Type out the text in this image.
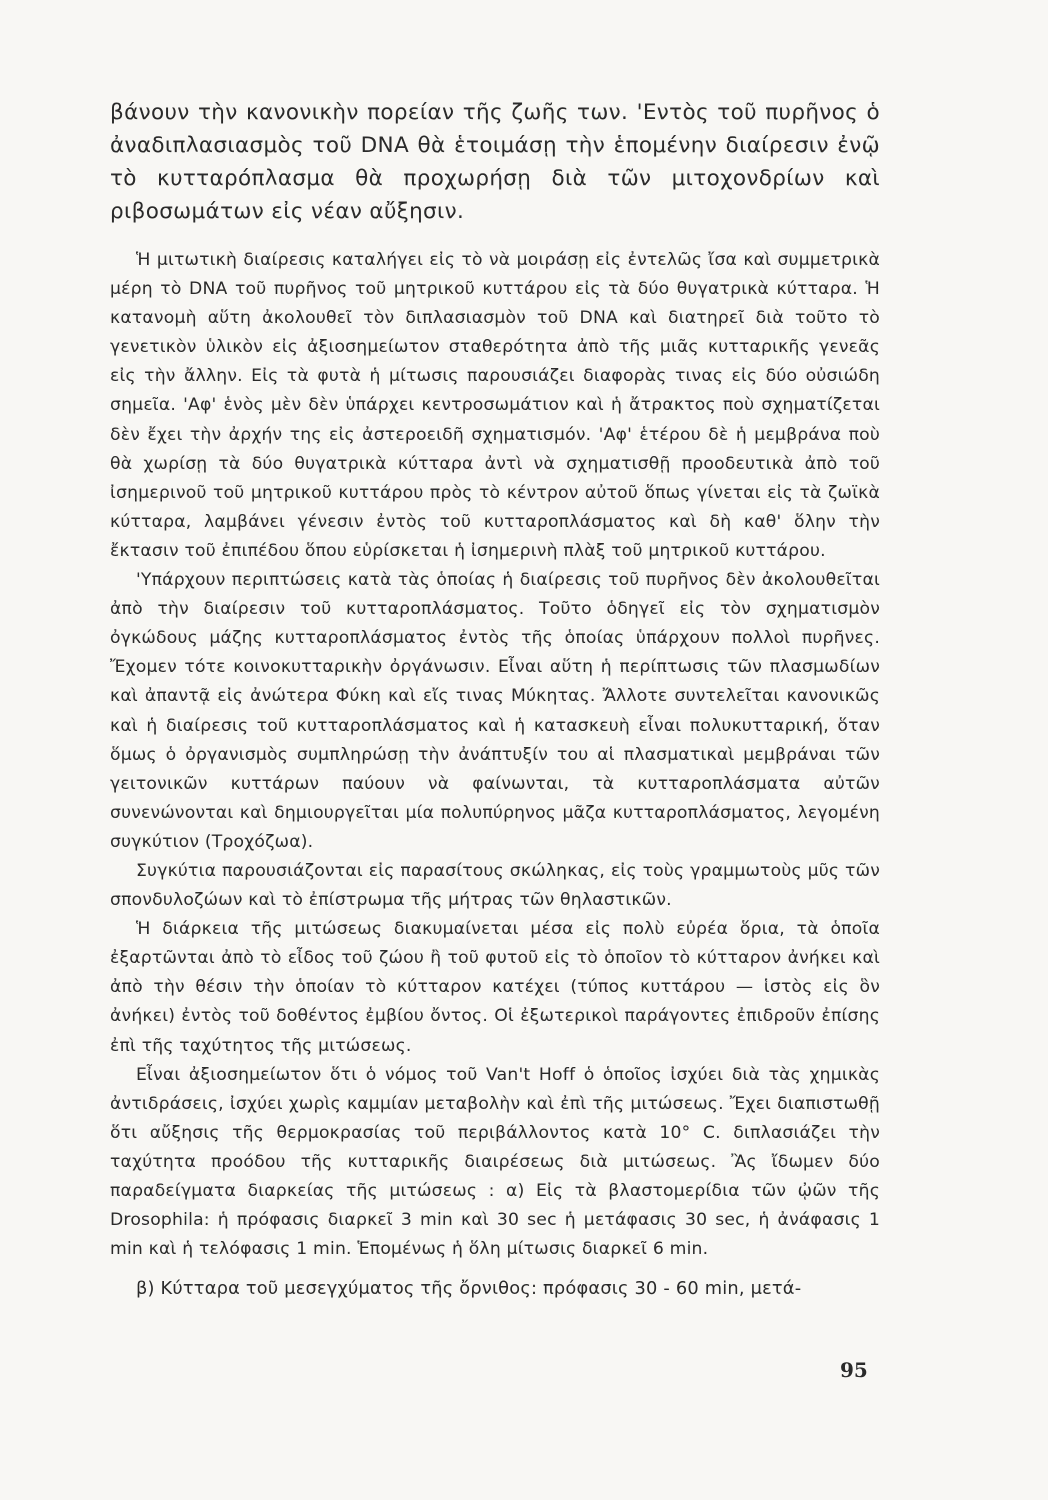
βάνουν τὴν κανονικὴν πορείαν τῆς ζωῆς των. 'Εντὸς τοῦ πυρῆνος ὁ ἀναδιπλασιασμὸς τοῦ DNA θὰ ἑτοιμάσῃ τὴν ἑπομένην διαίρεσιν ἐνῷ τὸ κυτταρόπλασμα θὰ προχωρήσῃ διὰ τῶν μιτοχονδρίων καὶ ριβοσωμάτων εἰς νέαν αὔξησιν.

Ἡ μιτωτικὴ διαίρεσις καταλήγει εἰς τὸ νὰ μοιράσῃ εἰς ἐντελῶς ἴσα καὶ συμμετρικὰ μέρη τὸ DNA τοῦ πυρῆνος τοῦ μητρικοῦ κυττάρου εἰς τὰ δύο θυγατρικὰ κύτταρα. Ἡ κατανομὴ αὕτη ἀκολουθεῖ τὸν διπλασιασμὸν τοῦ DNA καὶ διατηρεῖ διὰ τοῦτο τὸ γενετικὸν ὑλικὸν εἰς ἀξιοσημείωτον σταθερότητα ἀπὸ τῆς μιᾶς κυτταρικῆς γενεᾶς εἰς τὴν ἄλλην. Εἰς τὰ φυτὰ ἡ μίτωσις παρουσιάζει διαφορὰς τινας εἰς δύο οὐσιώδη σημεῖα. 'Αφ' ἑνὸς μὲν δὲν ὑπάρχει κεντροσωμάτιον καὶ ἡ ἄτρακτος ποὺ σχηματίζεται δὲν ἔχει τὴν ἀρχήν της εἰς ἀστεροειδῆ σχηματισμόν. 'Αφ' ἑτέρου δὲ ἡ μεμβράνα ποὺ θὰ χωρίσῃ τὰ δύο θυγατρικὰ κύτταρα ἀντὶ νὰ σχηματισθῇ προοδευτικὰ ἀπὸ τοῦ ἰσημερινοῦ τοῦ μητρικοῦ κυττάρου πρὸς τὸ κέντρον αὐτοῦ ὅπως γίνεται εἰς τὰ ζωϊκὰ κύτταρα, λαμβάνει γένεσιν ἐντὸς τοῦ κυτταροπλάσματος καὶ δὴ καθ' ὅλην τὴν ἔκτασιν τοῦ ἐπιπέδου ὅπου εὑρίσκεται ἡ ἰσημερινὴ πλὰξ τοῦ μητρικοῦ κυττάρου.

'Υπάρχουν περιπτώσεις κατὰ τὰς ὁποίας ἡ διαίρεσις τοῦ πυρῆνος δὲν ἀκολουθεῖται ἀπὸ τὴν διαίρεσιν τοῦ κυτταροπλάσματος. Τοῦτο ὁδηγεῖ εἰς τὸν σχηματισμὸν ὀγκώδους μάζης κυτταροπλάσματος ἐντὸς τῆς ὁποίας ὑπάρχουν πολλοὶ πυρῆνες. Ἔχομεν τότε κοινοκυτταρικὴν ὀργάνωσιν. Εἶναι αὕτη ἡ περίπτωσις τῶν πλασμωδίων καὶ ἀπαντᾷ εἰς ἀνώτερα Φύκη καὶ εἴς τινας Μύκητας. Ἄλλοτε συντελεῖται κανονικῶς καὶ ἡ διαίρεσις τοῦ κυτταροπλάσματος καὶ ἡ κατασκευὴ εἶναι πολυκυτταρική, ὅταν ὅμως ὁ ὀργανισμὸς συμπληρώσῃ τὴν ἀνάπτυξίν του αἱ πλασματικαὶ μεμβράναι τῶν γειτονικῶν κυττάρων παύουν νὰ φαίνωνται, τὰ κυτταροπλάσματα αὐτῶν συνενώνονται καὶ δημιουργεῖται μία πολυπύρηνος μᾶζα κυτταροπλάσματος, λεγομένη συγκύτιον (Τροχόζωα).

Συγκύτια παρουσιάζονται εἰς παρασίτους σκώληκας, εἰς τοὺς γραμμωτοὺς μῦς τῶν σπονδυλοζώων καὶ τὸ ἐπίστρωμα τῆς μήτρας τῶν θηλαστικῶν.

Ἡ διάρκεια τῆς μιτώσεως διακυμαίνεται μέσα εἰς πολὺ εὐρέα ὅρια, τὰ ὁποῖα ἐξαρτῶνται ἀπὸ τὸ εἶδος τοῦ ζώου ἢ τοῦ φυτοῦ εἰς τὸ ὁποῖον τὸ κύτταρον ἀνήκει καὶ ἀπὸ τὴν θέσιν τὴν ὁποίαν τὸ κύτταρον κατέχει (τύπος κυττάρου — ἱστὸς εἰς ὃν ἀνήκει) ἐντὸς τοῦ δοθέντος ἐμβίου ὄντος. Οἱ ἐξωτερικοὶ παράγοντες ἐπιδροῦν ἐπίσης ἐπὶ τῆς ταχύτητος τῆς μιτώσεως.

Εἶναι ἀξιοσημείωτον ὅτι ὁ νόμος τοῦ Van't Hoff ὁ ὁποῖος ἰσχύει διὰ τὰς χημικὰς ἀντιδράσεις, ἰσχύει χωρὶς καμμίαν μεταβολὴν καὶ ἐπὶ τῆς μιτώσεως. Ἔχει διαπιστωθῇ ὅτι αὔξησις τῆς θερμοκρασίας τοῦ περιβάλλοντος κατὰ 10° C. διπλασιάζει τὴν ταχύτητα προόδου τῆς κυτταρικῆς διαιρέσεως διὰ μιτώσεως. Ἂς ἴδωμεν δύο παραδείγματα διαρκείας τῆς μιτώσεως : α) Εἰς τὰ βλαστομερίδια τῶν ᾠῶν τῆς Drosophila: ἡ πρόφασις διαρκεῖ 3 min καὶ 30 sec ἡ μετάφασις 30 sec, ἡ ἀνάφασις 1 min καὶ ἡ τελόφασις 1 min. Ἑπομένως ἡ ὅλη μίτωσις διαρκεῖ 6 min.

β) Κύτταρα τοῦ μεσεγχύματος τῆς ὄρνιθος: πρόφασις 30 - 60 min, μετά-

95
